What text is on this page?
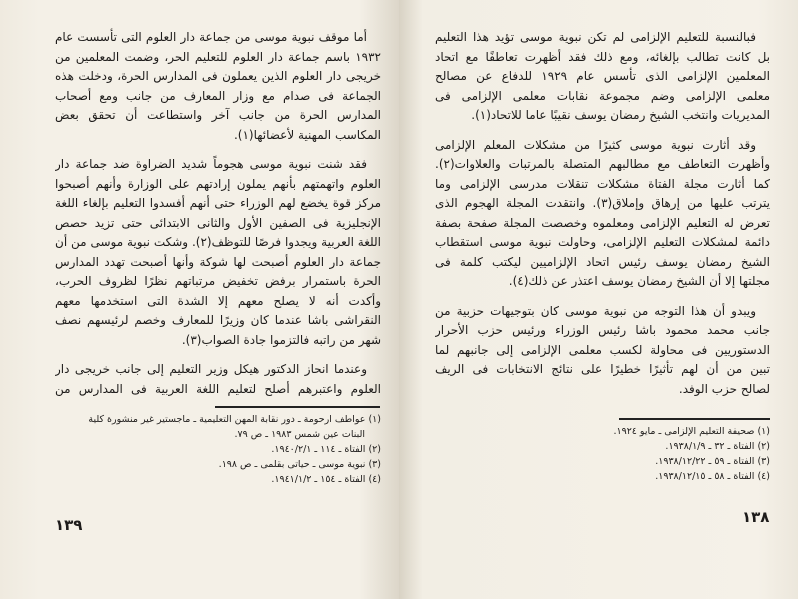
أما موقف نبوية موسى من جماعة دار العلوم التى تأسست عام
١٩٣٢ باسم جماعة دار العلوم للتعليم الحر، وضمت المعلمين من
خريجى دار العلوم الذين يعملون فى المدارس الحرة، ودخلت هذه
الجماعة فى صدام مع وزار المعارف من جانب ومع أصحاب
المدارس الحرة من جانب آخر واستطاعت أن تحقق بعض
المكاسب المهنية لأعضائها(١).
فقد شنت نبوية موسى هجوماً شديد الضراوة ضد جماعة دار
العلوم واتهمتهم بأنهم يملون إرادتهم على الوزارة وأنهم أصبحوا
مركز قوة يخضع لهم الوزراء حتى أنهم أفسدوا التعليم بإلغاء اللغة
الإنجليزية فى الصفين الأول والثانى الابتدائى حتى تزيد حصص
اللغة العربية ويجدوا فرصًا للتوظف(٢). وشكت نبوية موسى من أن
جماعة دار العلوم أصبحت لها شوكة وأنها أصبحت تهدد المدارس
الحرة باستمرار برفض تخفيض مرتباتهم نظرًا لظروف الحرب،
وأكدت أنه لا يصلح معهم إلا الشدة التى استخدمها معهم
النقراشى باشا عندما كان وزيرًا للمعارف وخصم لرئيسهم نصف
شهر من راتبه فالتزموا جادة الصواب(٣).
وعندما انحاز الدكتور هيكل وزير التعليم إلى جانب خريجى دار
العلوم واعتبرهم أصلح لتعليم اللغة العربية فى المدارس من
(١) عواطف ارحومة ـ دور نقابة المهن التعليمية ـ ماجستير غير منشورة كلية
البنات عين شمس ١٩٨٣ ـ ص ٧٩.
(٢) الفتاة ـ ١١٤ ـ ١٩٤٠/٢/١.
(٣) نبوية موسى ـ حياتى بقلمى ـ ص ١٩٨.
(٤) الفتاة ـ ١٥٤ ـ ١٩٤١/١/٢.
١٣٩
فبالنسبة للتعليم الإلزامى لم تكن نبوية موسى تؤيد هذا التعليم
بل كانت تطالب بإلغائه، ومع ذلك فقد أظهرت تعاطفًا مع اتحاد
المعلمين الإلزامى الذى تأسس عام ١٩٢٩ للدفاع عن مصالح
معلمى الإلزامى وضم مجموعة نقابات معلمى الإلزامى فى
المديريات وانتخب الشيخ رمضان يوسف نقيبًا عاما للاتحاد(١).
وقد أثارت نبوية موسى كثيرًا من مشكلات المعلم الإلزامى
وأظهرت التعاطف مع مطالبهم المتصلة بالمرتبات والعلاوات(٢).
كما أثارت مجلة الفتاة مشكلات تنقلات مدرسى الإلزامى وما
يترتب عليها من إرهاق وإملاق(٣). وانتقدت المجلة الهجوم الذى
تعرض له التعليم الإلزامى ومعلموه وخصصت المجلة صفحة بصفة
دائمة لمشكلات التعليم الإلزامى، وحاولت نبوية موسى استقطاب
الشيخ رمضان يوسف رئيس اتحاد الإلزاميين ليكتب كلمة فى
مجلتها إلا أن الشيخ رمضان يوسف اعتذر عن ذلك(٤).
ويبدو أن هذا التوجه من نبوية موسى كان بتوجيهات حزبية من
جانب محمد محمود باشا رئيس الوزراء ورئيس حزب الأحرار
الدستوريين فى محاولة لكسب معلمى الإلزامى إلى جانبهم لما
تبين من أن لهم تأثيرًا خطيرًا على نتائج الانتخابات فى الريف
لصالح حزب الوفد.
(١) صحيفة التعليم الإلزامى ـ مايو ١٩٢٤.
(٢) الفتاة ـ ٣٢ ـ ١٩٣٨/١/٩.
(٣) الفتاة ـ ٥٩ ـ ١٩٣٨/١٢/٢٢.
(٤) الفتاة ـ ٥٨ ـ ١٩٣٨/١٢/١٥.
١٣٨
